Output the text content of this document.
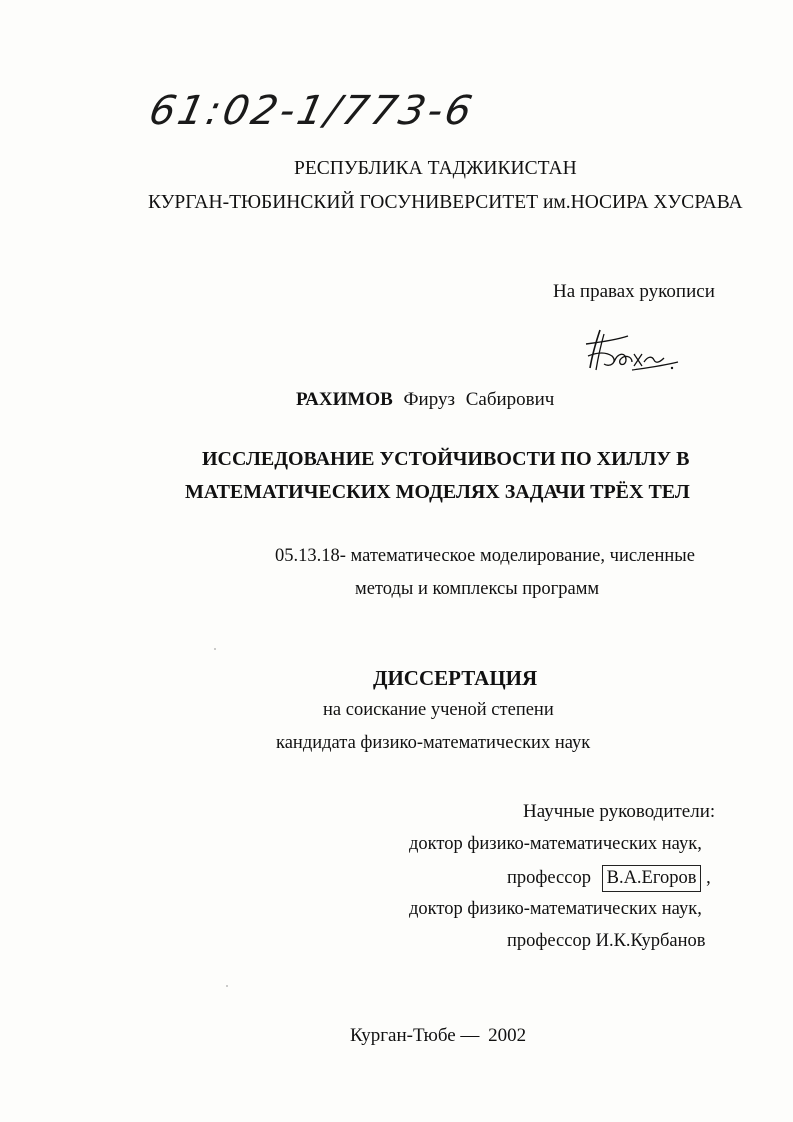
61:02-1/773-6
РЕСПУБЛИКА ТАДЖИКИСТАН
КУРГАН-ТЮБИНСКИЙ ГОСУНИВЕРСИТЕТ им.НОСИРА ХУСРАВА
На правах рукописи
РАХИМОВ Фируз Сабирович
ИССЛЕДОВАНИЕ УСТОЙЧИВОСТИ ПО ХИЛЛУ В
МАТЕМАТИЧЕСКИХ МОДЕЛЯХ ЗАДАЧИ ТРЁХ ТЕЛ
05.13.18- математическое моделирование, численные
методы и комплексы программ
ДИССЕРТАЦИЯ
на соискание ученой степени
кандидата физико-математических наук
Научные руководители:
доктор физико-математических наук,
профессор В.А.Егоров ,
доктор физико-математических наук,
профессор И.К.Курбанов
Курган-Тюбе — 2002
